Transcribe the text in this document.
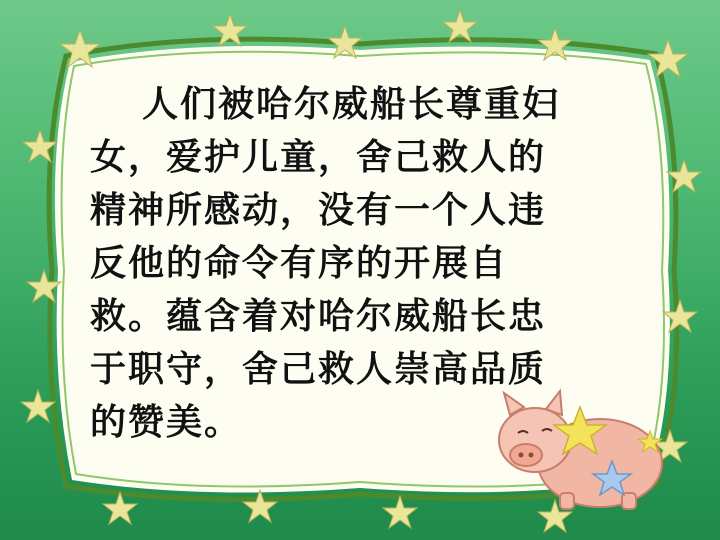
人们被哈尔威船长尊重妇
女，爱护儿童，舍己救人的
精神所感动，没有一个人违
反他的命令有序的开展自
救。蕴含着对哈尔威船长忠
于职守，舍己救人崇高品质
的赞美。
